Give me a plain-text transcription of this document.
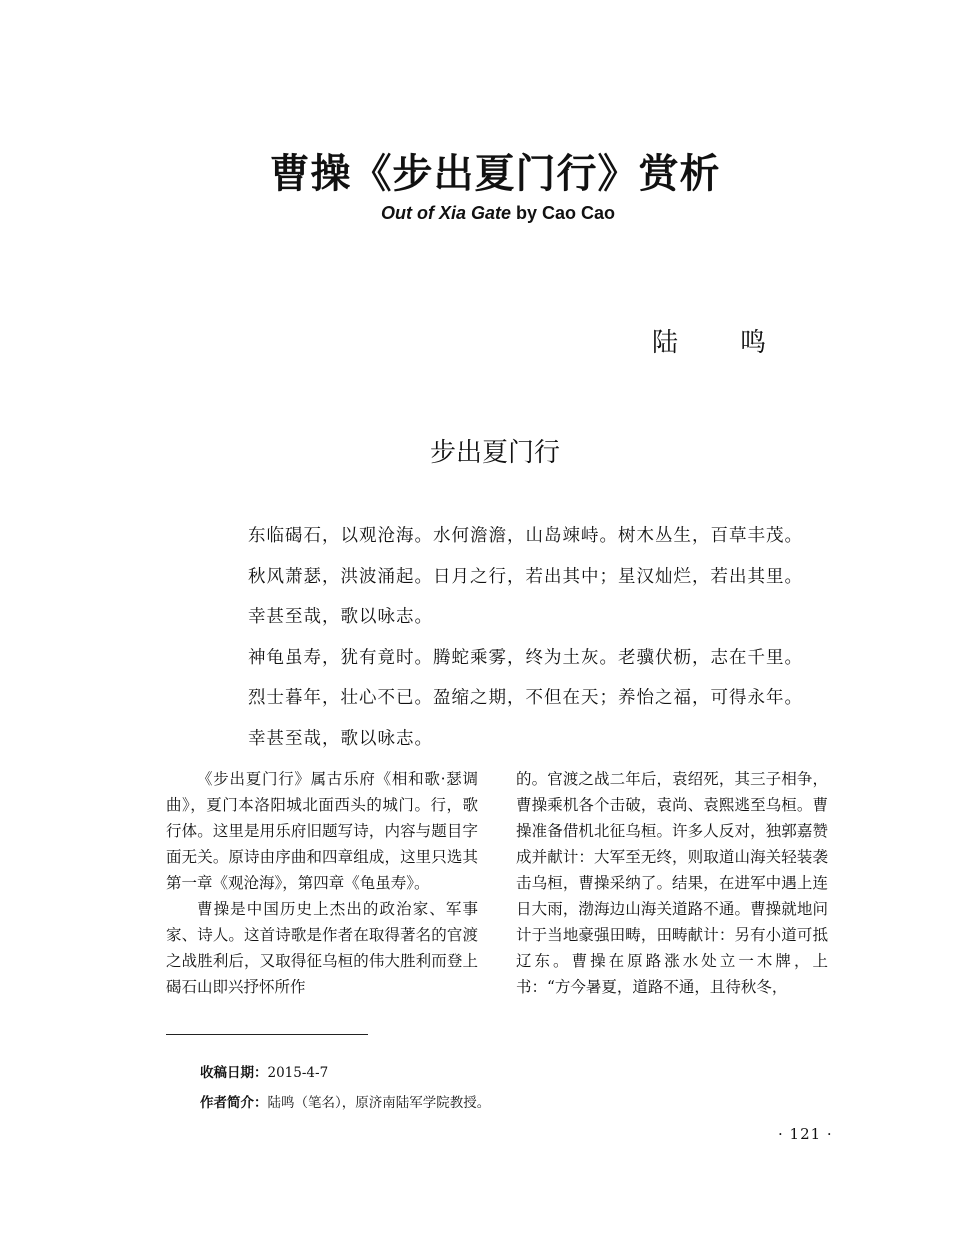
曹操《步出夏门行》赏析
Out of Xia Gate by Cao Cao
陆　鸣
步出夏门行
东临碣石，以观沧海。水何澹澹，山岛竦峙。树木丛生，百草丰茂。
秋风萧瑟，洪波涌起。日月之行，若出其中；星汉灿烂，若出其里。
幸甚至哉，歌以咏志。
神龟虽寿，犹有竟时。腾蛇乘雾，终为土灰。老骥伏枥，志在千里。
烈士暮年，壮心不已。盈缩之期，不但在天；养怡之福，可得永年。
幸甚至哉，歌以咏志。

《步出夏门行》属古乐府《相和歌·瑟调曲》，夏门本洛阳城北面西头的城门。行，歌行体。这里是用乐府旧题写诗，内容与题目字面无关。原诗由序曲和四章组成，这里只选其第一章《观沧海》，第四章《龟虽寿》。

曹操是中国历史上杰出的政治家、军事家、诗人。这首诗歌是作者在取得著名的官渡之战胜利后，又取得征乌桓的伟大胜利而登上碣石山即兴抒怀所作

的。官渡之战二年后，袁绍死，其三子相争，曹操乘机各个击破，袁尚、袁熙逃至乌桓。曹操准备借机北征乌桓。许多人反对，独郭嘉赞成并献计：大军至无终，则取道山海关轻装袭击乌桓，曹操采纳了。结果，在进军中遇上连日大雨，渤海边山海关道路不通。曹操就地问计于当地豪强田畴，田畴献计：另有小道可抵辽东。曹操在原路涨水处立一木牌，上书：“方今暑夏，道路不通，且待秋冬，

收稿日期：2015-4-7
作者简介：陆鸣（笔名），原济南陆军学院教授。
· 121 ·
